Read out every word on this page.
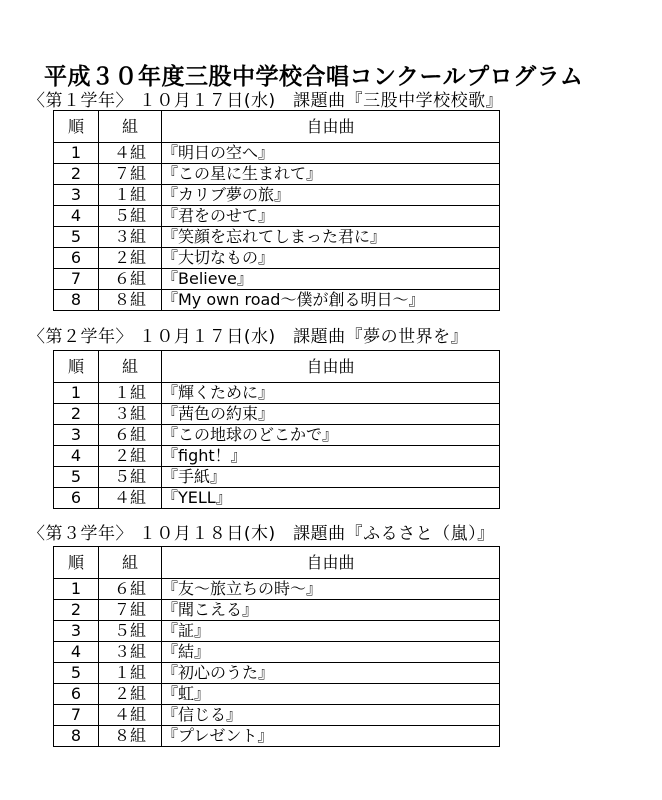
平成３０年度三股中学校合唱コンクールプログラム
〈第１学年〉 １０月１７日(水)　課題曲『三股中学校校歌』
順	組	自由曲
1	４組	『明日の空へ』
2	７組	『この星に生まれて』
3	１組	『カリブ夢の旅』
4	５組	『君をのせて』
5	３組	『笑顔を忘れてしまった君に』
6	２組	『大切なもの』
7	６組	『Believe』
8	８組	『My own road～僕が創る明日～』
〈第２学年〉 １０月１７日(水)　課題曲『夢の世界を』
順	組	自由曲
1	１組	『輝くために』
2	３組	『茜色の約束』
3	６組	『この地球のどこかで』
4	２組	『fight！』
5	５組	『手紙』
6	４組	『YELL』
〈第３学年〉 １０月１８日(木)　課題曲『ふるさと（嵐）』
順	組	自由曲
1	６組	『友～旅立ちの時～』
2	７組	『聞こえる』
3	５組	『証』
4	３組	『結』
5	１組	『初心のうた』
6	２組	『虹』
7	４組	『信じる』
8	８組	『プレゼント』
